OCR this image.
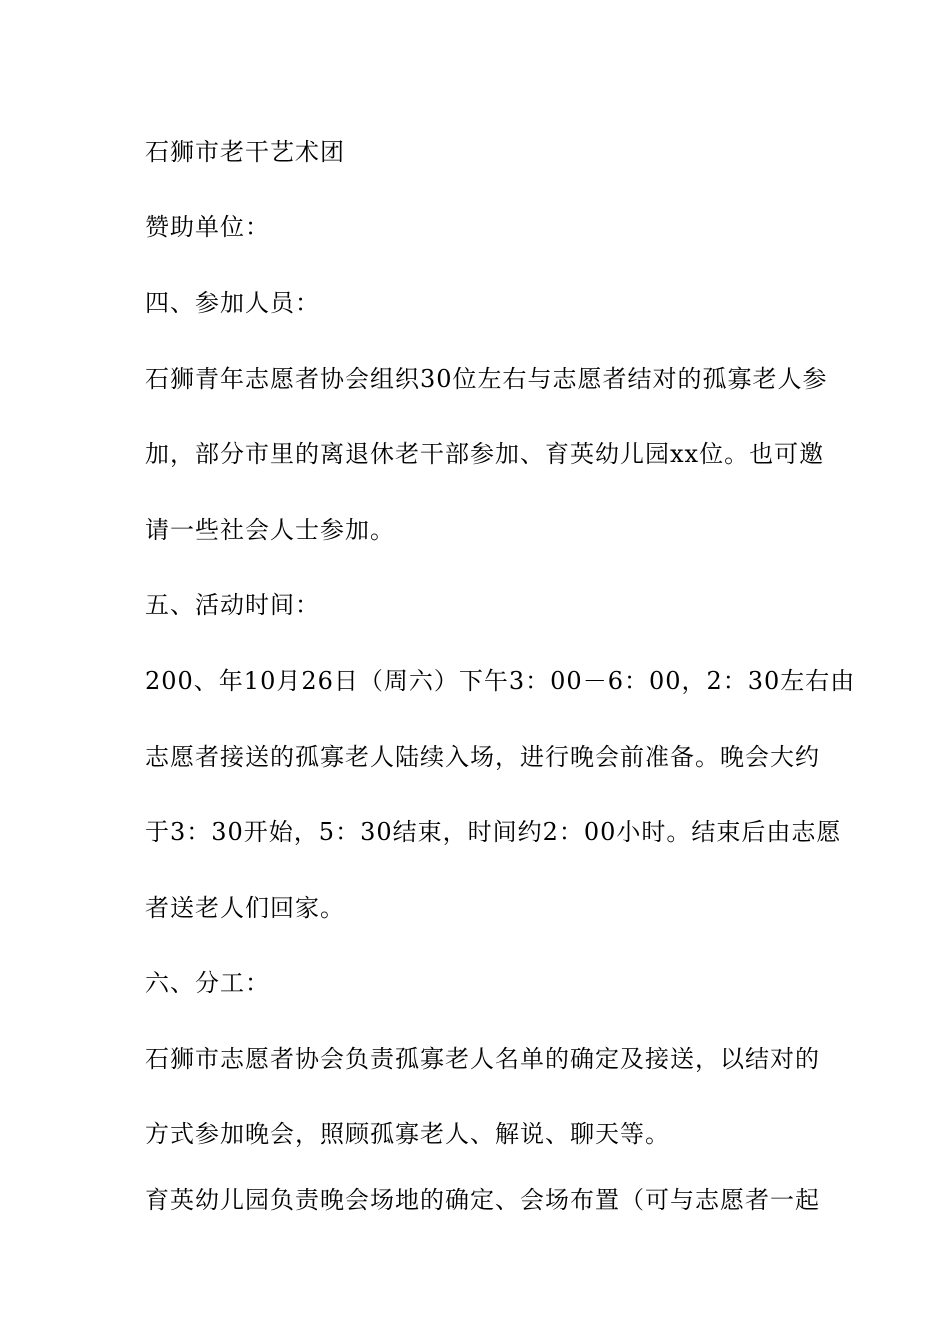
石狮市老干艺术团
赞助单位：
四、参加人员：
石狮青年志愿者协会组织30位左右与志愿者结对的孤寡老人参
加，部分市里的离退休老干部参加、育英幼儿园xx位。也可邀
请一些社会人士参加。
五、活动时间：
200、年10月26日（周六）下午3：00－6：00，2：30左右由
志愿者接送的孤寡老人陆续入场，进行晚会前准备。晚会大约
于3：30开始，5：30结束，时间约2：00小时。结束后由志愿
者送老人们回家。
六、分工：
石狮市志愿者协会负责孤寡老人名单的确定及接送，以结对的
方式参加晚会，照顾孤寡老人、解说、聊天等。
育英幼儿园负责晚会场地的确定、会场布置（可与志愿者一起
